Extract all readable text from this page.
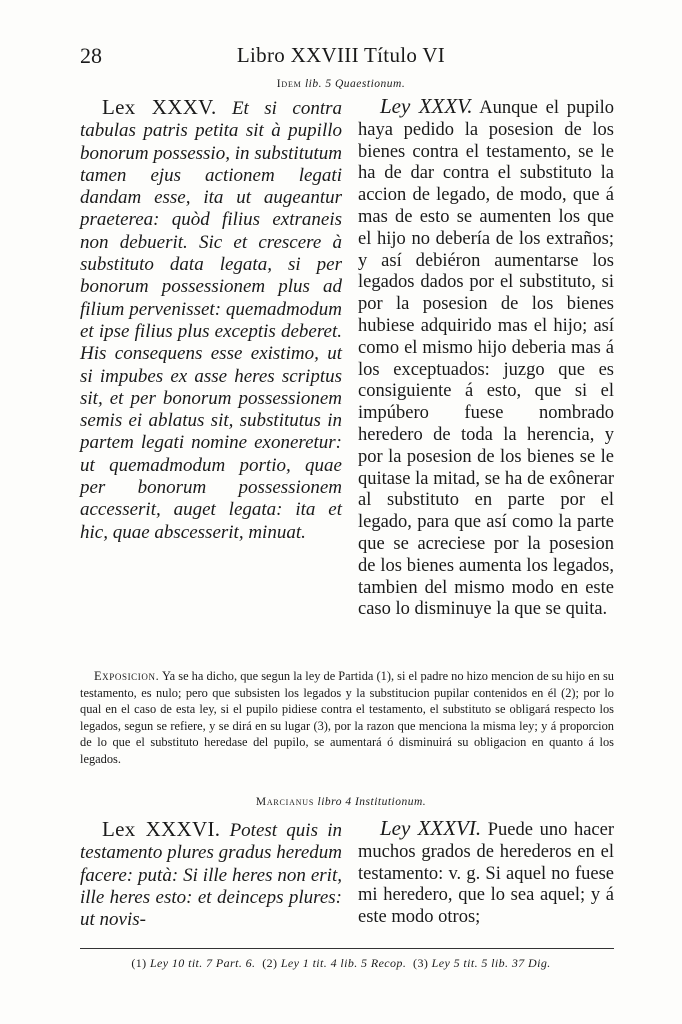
28	Libro XXVIII Título VI
Idem lib. 5 Quaestionum.

Lex XXXV. Et si contra tabulas patris petita sit à pupillo bonorum possessio, in substitutum tamen ejus actionem legati dandam esse, ita ut augeantur praeterea: quòd filius extraneis non debuerit. Sic et crescere à substituto data legata, si per bonorum possessionem plus ad filium pervenisset: quemadmodum et ipse filius plus exceptis deberet. His consequens esse existimo, ut si impubes ex asse heres scriptus sit, et per bonorum possessionem semis ei ablatus sit, substitutus in partem legati nomine exoneretur: ut quemadmodum portio, quae per bonorum possessionem accesserit, auget legata: ita et hic, quae abscesserit, minuat.

Ley XXXV. Aunque el pupilo haya pedido la posesion de los bienes contra el testamento, se le ha de dar contra el substituto la accion de legado, de modo, que á mas de esto se aumenten los que el hijo no debería de los extraños; y así debiéron aumentarse los legados dados por el substituto, si por la posesion de los bienes hubiese adquirido mas el hijo; así como el mismo hijo deberia mas á los exceptuados: juzgo que es consiguiente á esto, que si el impúbero fuese nombrado heredero de toda la herencia, y por la posesion de los bienes se le quitase la mitad, se ha de exônerar al substituto en parte por el legado, para que así como la parte que se acreciese por la posesion de los bienes aumenta los legados, tambien del mismo modo en este caso lo disminuye la que se quita.

Exposicion. Ya se ha dicho, que segun la ley de Partida (1), si el padre no hizo mencion de su hijo en su testamento, es nulo; pero que subsisten los legados y la substitucion pupilar contenidos en él (2); por lo qual en el caso de esta ley, si el pupilo pidiese contra el testamento, el substituto se obligará respecto los legados, segun se refiere, y se dirá en su lugar (3), por la razon que menciona la misma ley; y á proporcion de lo que el substituto heredase del pupilo, se aumentará ó disminuirá su obligacion en quanto á los legados.

Marcianus libro 4 Institutionum.

Lex XXXVI. Potest quis in testamento plures gradus heredum facere: putà: Si ille heres non erit, ille heres esto: et deinceps plures: ut novis-

Ley XXXVI. Puede uno hacer muchos grados de herederos en el testamento: v. g. Si aquel no fuese mi heredero, que lo sea aquel; y á este modo otros;

(1) Ley 10 tit. 7 Part. 6. (2) Ley 1 tit. 4 lib. 5 Recop. (3) Ley 5 tit. 5 lib. 37 Dig.
